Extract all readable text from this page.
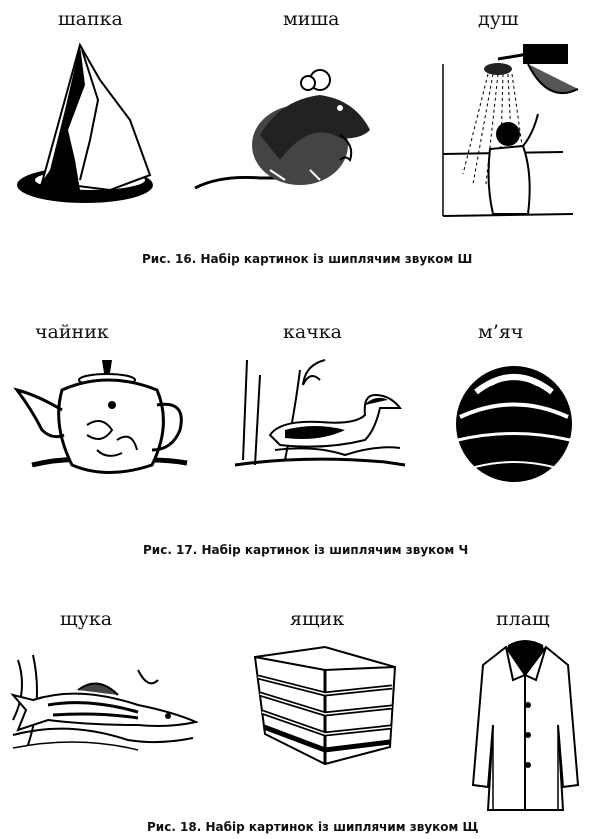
шапка	миша	душ
Рис. 16. Набір картинок із шиплячим звуком Ш
чайник	качка	м’яч
Рис. 17. Набір картинок із шиплячим звуком Ч
щука	ящик	плащ
Рис. 18. Набір картинок із шиплячим звуком Щ
